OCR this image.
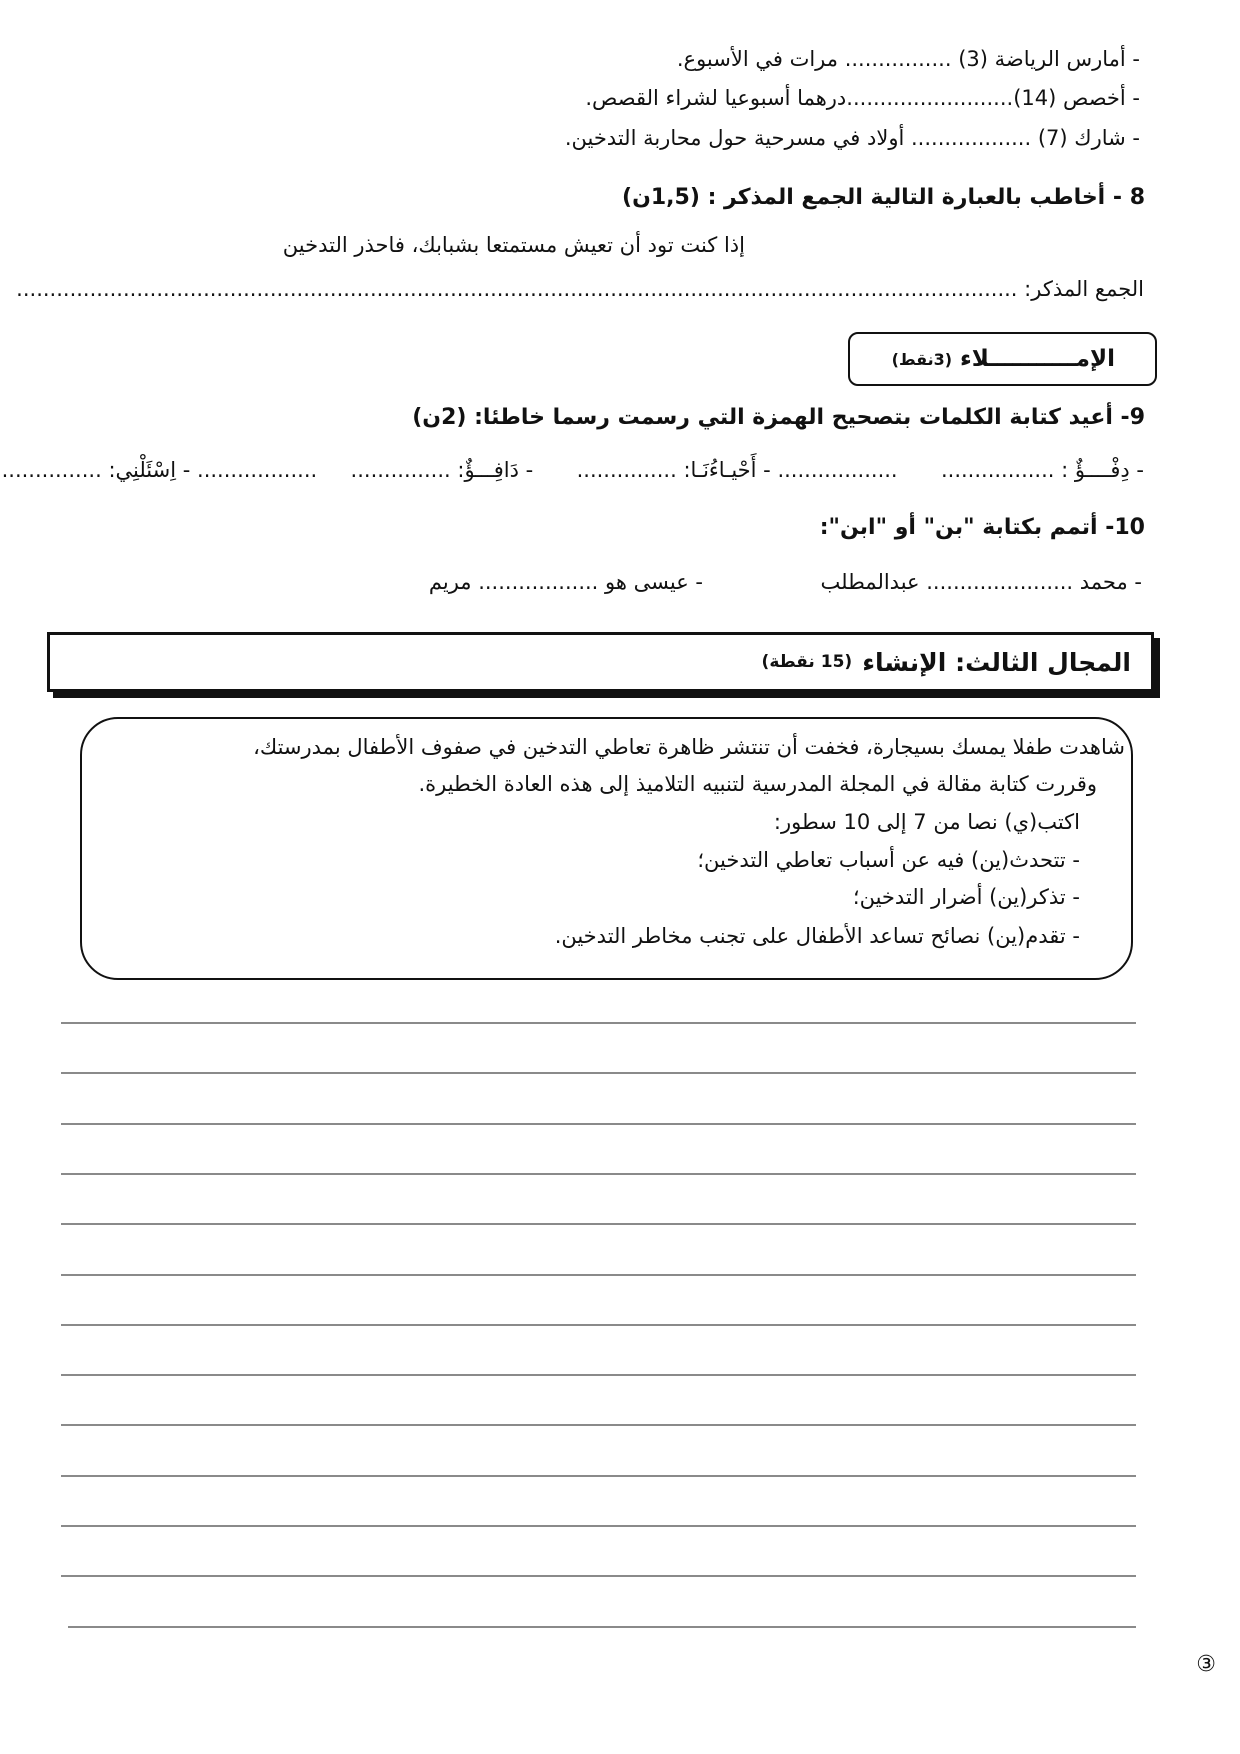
- أمارس الرياضة (3) ................ مرات في الأسبوع.
- أخصص (14).........................درهما أسبوعيا لشراء القصص.
- شارك (7) .................. أولاد في مسرحية حول محاربة التدخين.
8 - أخاطب بالعبارة التالية الجمع المذكر : (1,5ن)
إذا كنت تود أن تعيش مستمتعا بشبابك، فاحذر التدخين
الجمع المذكر: ......................................................................................................................................................
الإمـــــــــــلاء
(3نقط)
9- أعيد كتابة الكلمات بتصحيح الهمزة التي رسمت رسما خاطئا: (2ن)
- دِفْــــؤٌ : .................  .................. - أَحْيـاءُنَـا: ...............  - دَافِـــؤٌ: ...............  .................. - اِسْئَلْنِي: ...............
10- أتمم بكتابة "بن" أو "ابن":
- محمد ...................... عبدالمطلب
- عيسى هو .................. مريم
المجال الثالث: الإنشاء
(15 نقطة)
شاهدت طفلا يمسك بسيجارة، فخفت أن تنتشر ظاهرة تعاطي التدخين في صفوف الأطفال بمدرستك،
وقررت كتابة مقالة في المجلة المدرسية لتنبيه التلاميذ إلى هذه العادة الخطيرة.
اكتب(ي) نصا من 7 إلى 10 سطور:
- تتحدث(ين) فيه عن أسباب تعاطي التدخين؛
- تذكر(ين) أضرار التدخين؛
- تقدم(ين) نصائح تساعد الأطفال على تجنب مخاطر التدخين.
③
